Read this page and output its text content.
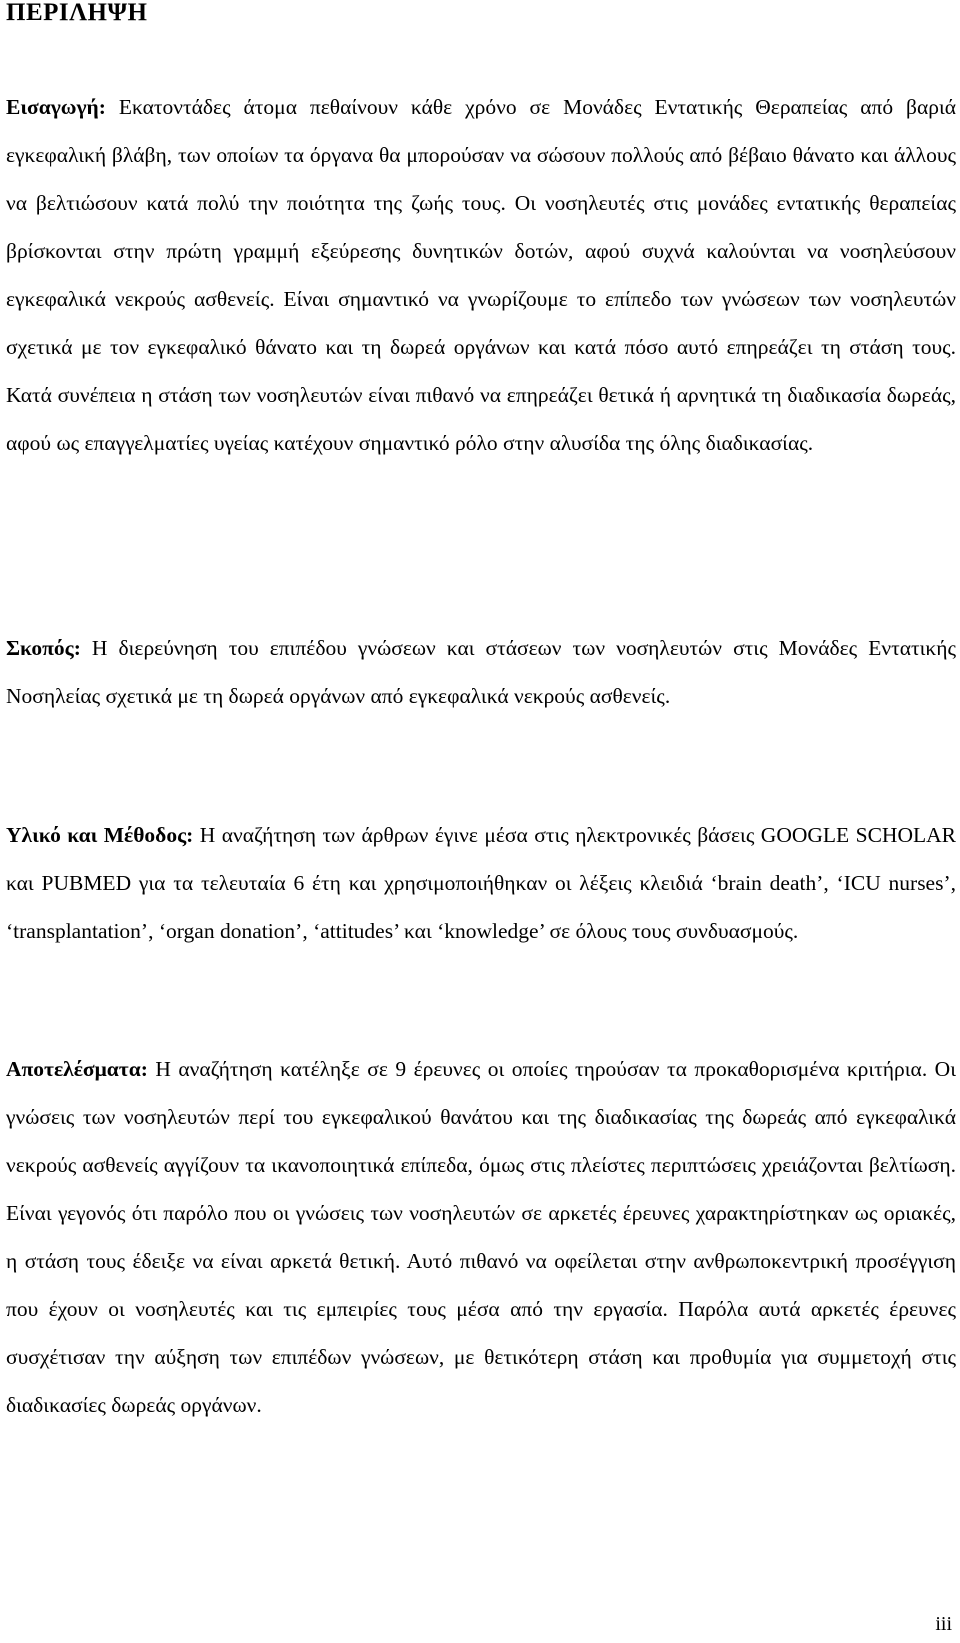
ΠΕΡΙΛΗΨΗ

Εισαγωγή: Εκατοντάδες άτομα πεθαίνουν κάθε χρόνο σε Μονάδες Εντατικής Θεραπείας από βαριά εγκεφαλική βλάβη, των οποίων τα όργανα θα μπορούσαν να σώσουν πολλούς από βέβαιο θάνατο και άλλους να βελτιώσουν κατά πολύ την ποιότητα της ζωής τους. Οι νοσηλευτές στις μονάδες εντατικής θεραπείας βρίσκονται στην πρώτη γραμμή εξεύρεσης δυνητικών δοτών, αφού συχνά καλούνται να νοσηλεύσουν εγκεφαλικά νεκρούς ασθενείς. Είναι σημαντικό να γνωρίζουμε το επίπεδο των γνώσεων των νοσηλευτών σχετικά με τον εγκεφαλικό θάνατο και τη δωρεά οργάνων και κατά πόσο αυτό επηρεάζει τη στάση τους. Κατά συνέπεια η στάση των νοσηλευτών είναι πιθανό να επηρεάζει θετικά ή αρνητικά τη διαδικασία δωρεάς, αφού ως επαγγελματίες υγείας κατέχουν σημαντικό ρόλο στην αλυσίδα της όλης διαδικασίας.

Σκοπός: Η διερεύνηση του επιπέδου γνώσεων και στάσεων των νοσηλευτών στις Μονάδες Εντατικής Νοσηλείας σχετικά με τη δωρεά οργάνων από εγκεφαλικά νεκρούς ασθενείς.

Υλικό και Μέθοδος: Η αναζήτηση των άρθρων έγινε μέσα στις ηλεκτρονικές βάσεις GOOGLE SCHOLAR και PUBMED για τα τελευταία 6 έτη και χρησιμοποιήθηκαν οι λέξεις κλειδιά ‘brain death’, ‘ICU nurses’, ‘transplantation’, ‘organ donation’, ‘attitudes’ και ‘knowledge’ σε όλους τους συνδυασμούς.

Αποτελέσματα: Η αναζήτηση κατέληξε σε 9 έρευνες οι οποίες τηρούσαν τα προκαθορισμένα κριτήρια. Οι γνώσεις των νοσηλευτών περί του εγκεφαλικού θανάτου και της διαδικασίας της δωρεάς από εγκεφαλικά νεκρούς ασθενείς αγγίζουν τα ικανοποιητικά επίπεδα, όμως στις πλείστες περιπτώσεις χρειάζονται βελτίωση. Είναι γεγονός ότι παρόλο που οι γνώσεις των νοσηλευτών σε αρκετές έρευνες χαρακτηρίστηκαν ως οριακές, η στάση τους έδειξε να είναι αρκετά θετική. Αυτό πιθανό να οφείλεται στην ανθρωποκεντρική προσέγγιση που έχουν οι νοσηλευτές και τις εμπειρίες τους μέσα από την εργασία. Παρόλα αυτά αρκετές έρευνες συσχέτισαν την αύξηση των επιπέδων γνώσεων, με θετικότερη στάση και προθυμία για συμμετοχή στις διαδικασίες δωρεάς οργάνων.

iii
